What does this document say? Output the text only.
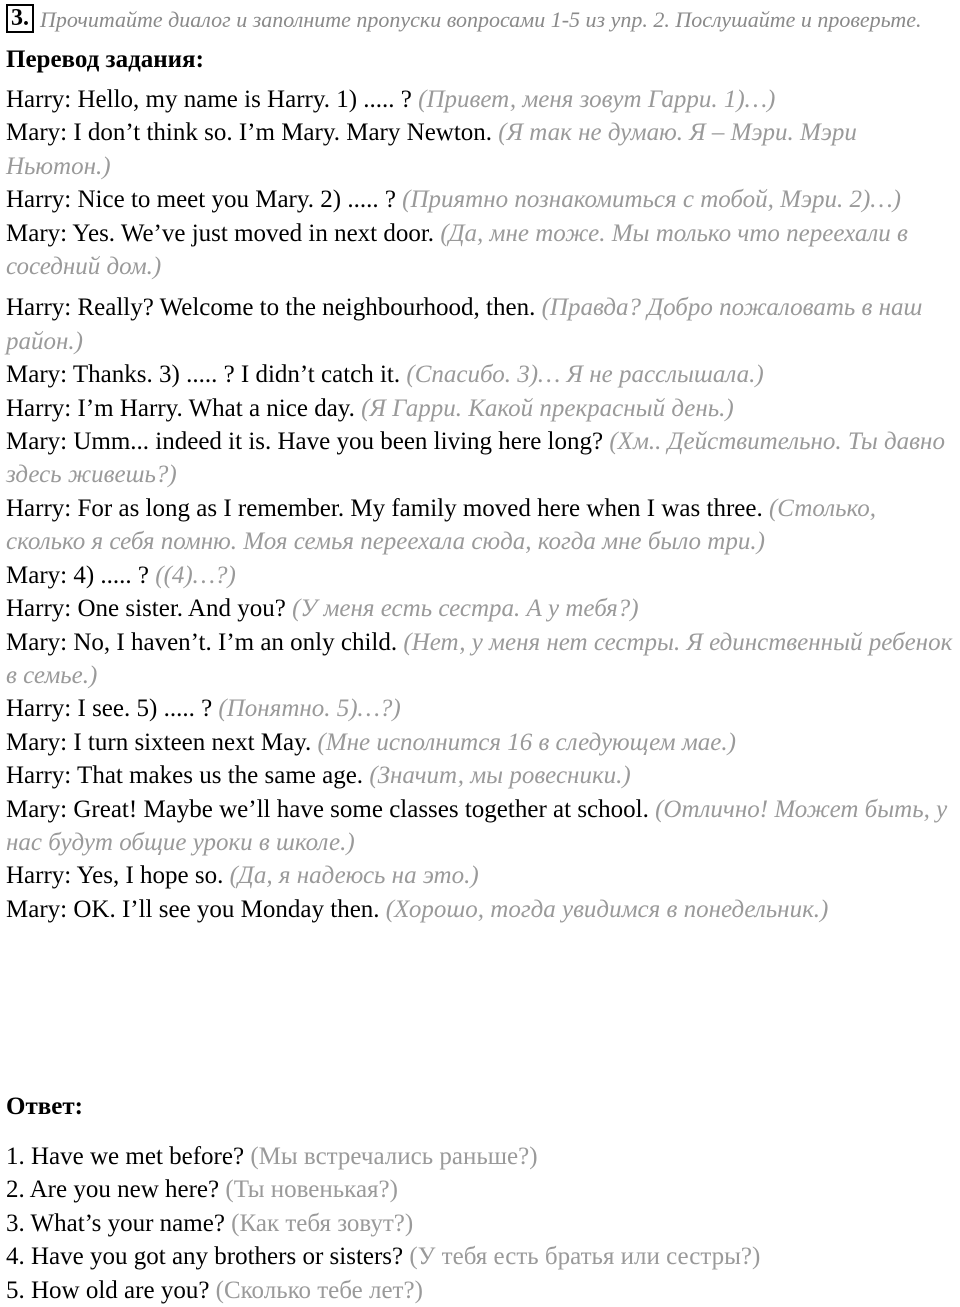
3. Прочитайте диалог и заполните пропуски вопросами 1-5 из упр. 2. Послушайте и проверьте.
Перевод задания:

Harry: Hello, my name is Harry. 1) ..... ? (Привет, меня зовут Гарри. 1)…)

Mary: I don’t think so. I’m Mary. Mary Newton. (Я так не думаю. Я – Мэри. Мэри Ньютон.)

Harry: Nice to meet you Mary. 2) ..... ? (Приятно познакомиться с тобой, Мэри. 2)…)

Mary: Yes. We’ve just moved in next door. (Да, мне тоже. Мы только что переехали в соседний дом.)

Harry: Really? Welcome to the neighbourhood, then. (Правда? Добро пожаловать в наш район.)

Mary: Thanks. 3) ..... ? I didn’t catch it. (Спасибо. 3)… Я не расслышала.)

Harry: I’m Harry. What a nice day. (Я Гарри. Какой прекрасный день.)

Mary: Umm... indeed it is. Have you been living here long? (Хм.. Действительно. Ты давно здесь живешь?)

Harry: For as long as I remember. My family moved here when I was three. (Столько, сколько я себя помню. Моя семья переехала сюда, когда мне было три.)

Mary: 4) ..... ? ((4)…?)

Harry: One sister. And you? (У меня есть сестра. А у тебя?)

Mary: No, I haven’t. I’m an only child. (Нет, у меня нет сестры. Я единственный ребенок в семье.)

Harry: I see. 5) ..... ? (Понятно. 5)…?)

Mary: I turn sixteen next May. (Мне исполнится 16 в следующем мае.)

Harry: That makes us the same age. (Значит, мы ровесники.)

Mary: Great! Maybe we’ll have some classes together at school. (Отлично! Может быть, у нас будут общие уроки в школе.)

Harry: Yes, I hope so. (Да, я надеюсь на это.)

Mary: OK. I’ll see you Monday then. (Хорошо, тогда увидимся в понедельник.)

Ответ:

1. Have we met before? (Мы встречались раньше?)

2. Are you new here? (Ты новенькая?)

3. What’s your name? (Как тебя зовут?)

4. Have you got any brothers or sisters? (У тебя есть братья или сестры?)

5. How old are you? (Сколько тебе лет?)
